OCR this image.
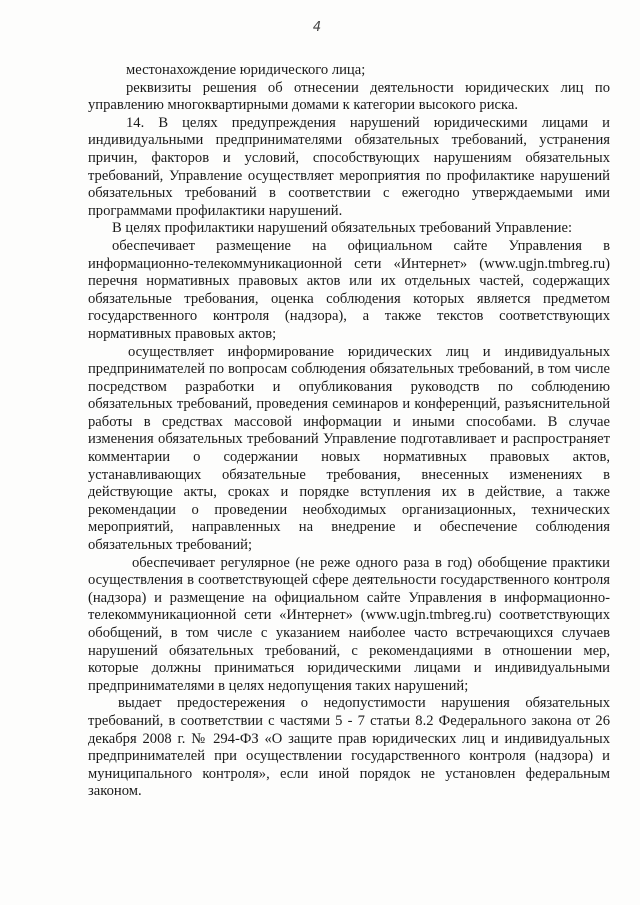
4

местонахождение юридического лица;

реквизиты решения об отнесении деятельности юридических лиц по управлению многоквартирными домами к категории высокого риска.

14. В целях предупреждения нарушений юридическими лицами и индивидуальными предпринимателями обязательных требований, устранения причин, факторов и условий, способствующих нарушениям обязательных требований, Управление осуществляет мероприятия по профилактике нарушений обязательных требований в соответствии с ежегодно утверждаемыми ими программами профилактики нарушений.

В целях профилактики нарушений обязательных требований Управление:

обеспечивает размещение на официальном сайте Управления в информационно-телекоммуникационной сети «Интернет» (www.ugjn.tmbreg.ru) перечня нормативных правовых актов или их отдельных частей, содержащих обязательные требования, оценка соблюдения которых является предметом государственного контроля (надзора), а также текстов соответствующих нормативных правовых актов;

осуществляет информирование юридических лиц и индивидуальных предпринимателей по вопросам соблюдения обязательных требований, в том числе посредством разработки и опубликования руководств по соблюдению обязательных требований, проведения семинаров и конференций, разъяснительной работы в средствах массовой информации и иными способами. В случае изменения обязательных требований Управление подготавливает и распространяет комментарии о содержании новых нормативных правовых актов, устанавливающих обязательные требования, внесенных изменениях в действующие акты, сроках и порядке вступления их в действие, а также рекомендации о проведении необходимых организационных, технических мероприятий, направленных на внедрение и обеспечение соблюдения обязательных требований;

обеспечивает регулярное (не реже одного раза в год) обобщение практики осуществления в соответствующей сфере деятельности государственного контроля (надзора) и размещение на официальном сайте Управления в информационно-телекоммуникационной сети «Интернет» (www.ugjn.tmbreg.ru) соответствующих обобщений, в том числе с указанием наиболее часто встречающихся случаев нарушений обязательных требований, с рекомендациями в отношении мер, которые должны приниматься юридическими лицами и индивидуальными предпринимателями в целях недопущения таких нарушений;

выдает предостережения о недопустимости нарушения обязательных требований, в соответствии с частями 5 - 7 статьи 8.2 Федерального закона от 26 декабря 2008 г. № 294-ФЗ «О защите прав юридических лиц и индивидуальных предпринимателей при осуществлении государственного контроля (надзора) и муниципального контроля», если иной порядок не установлен федеральным законом.
